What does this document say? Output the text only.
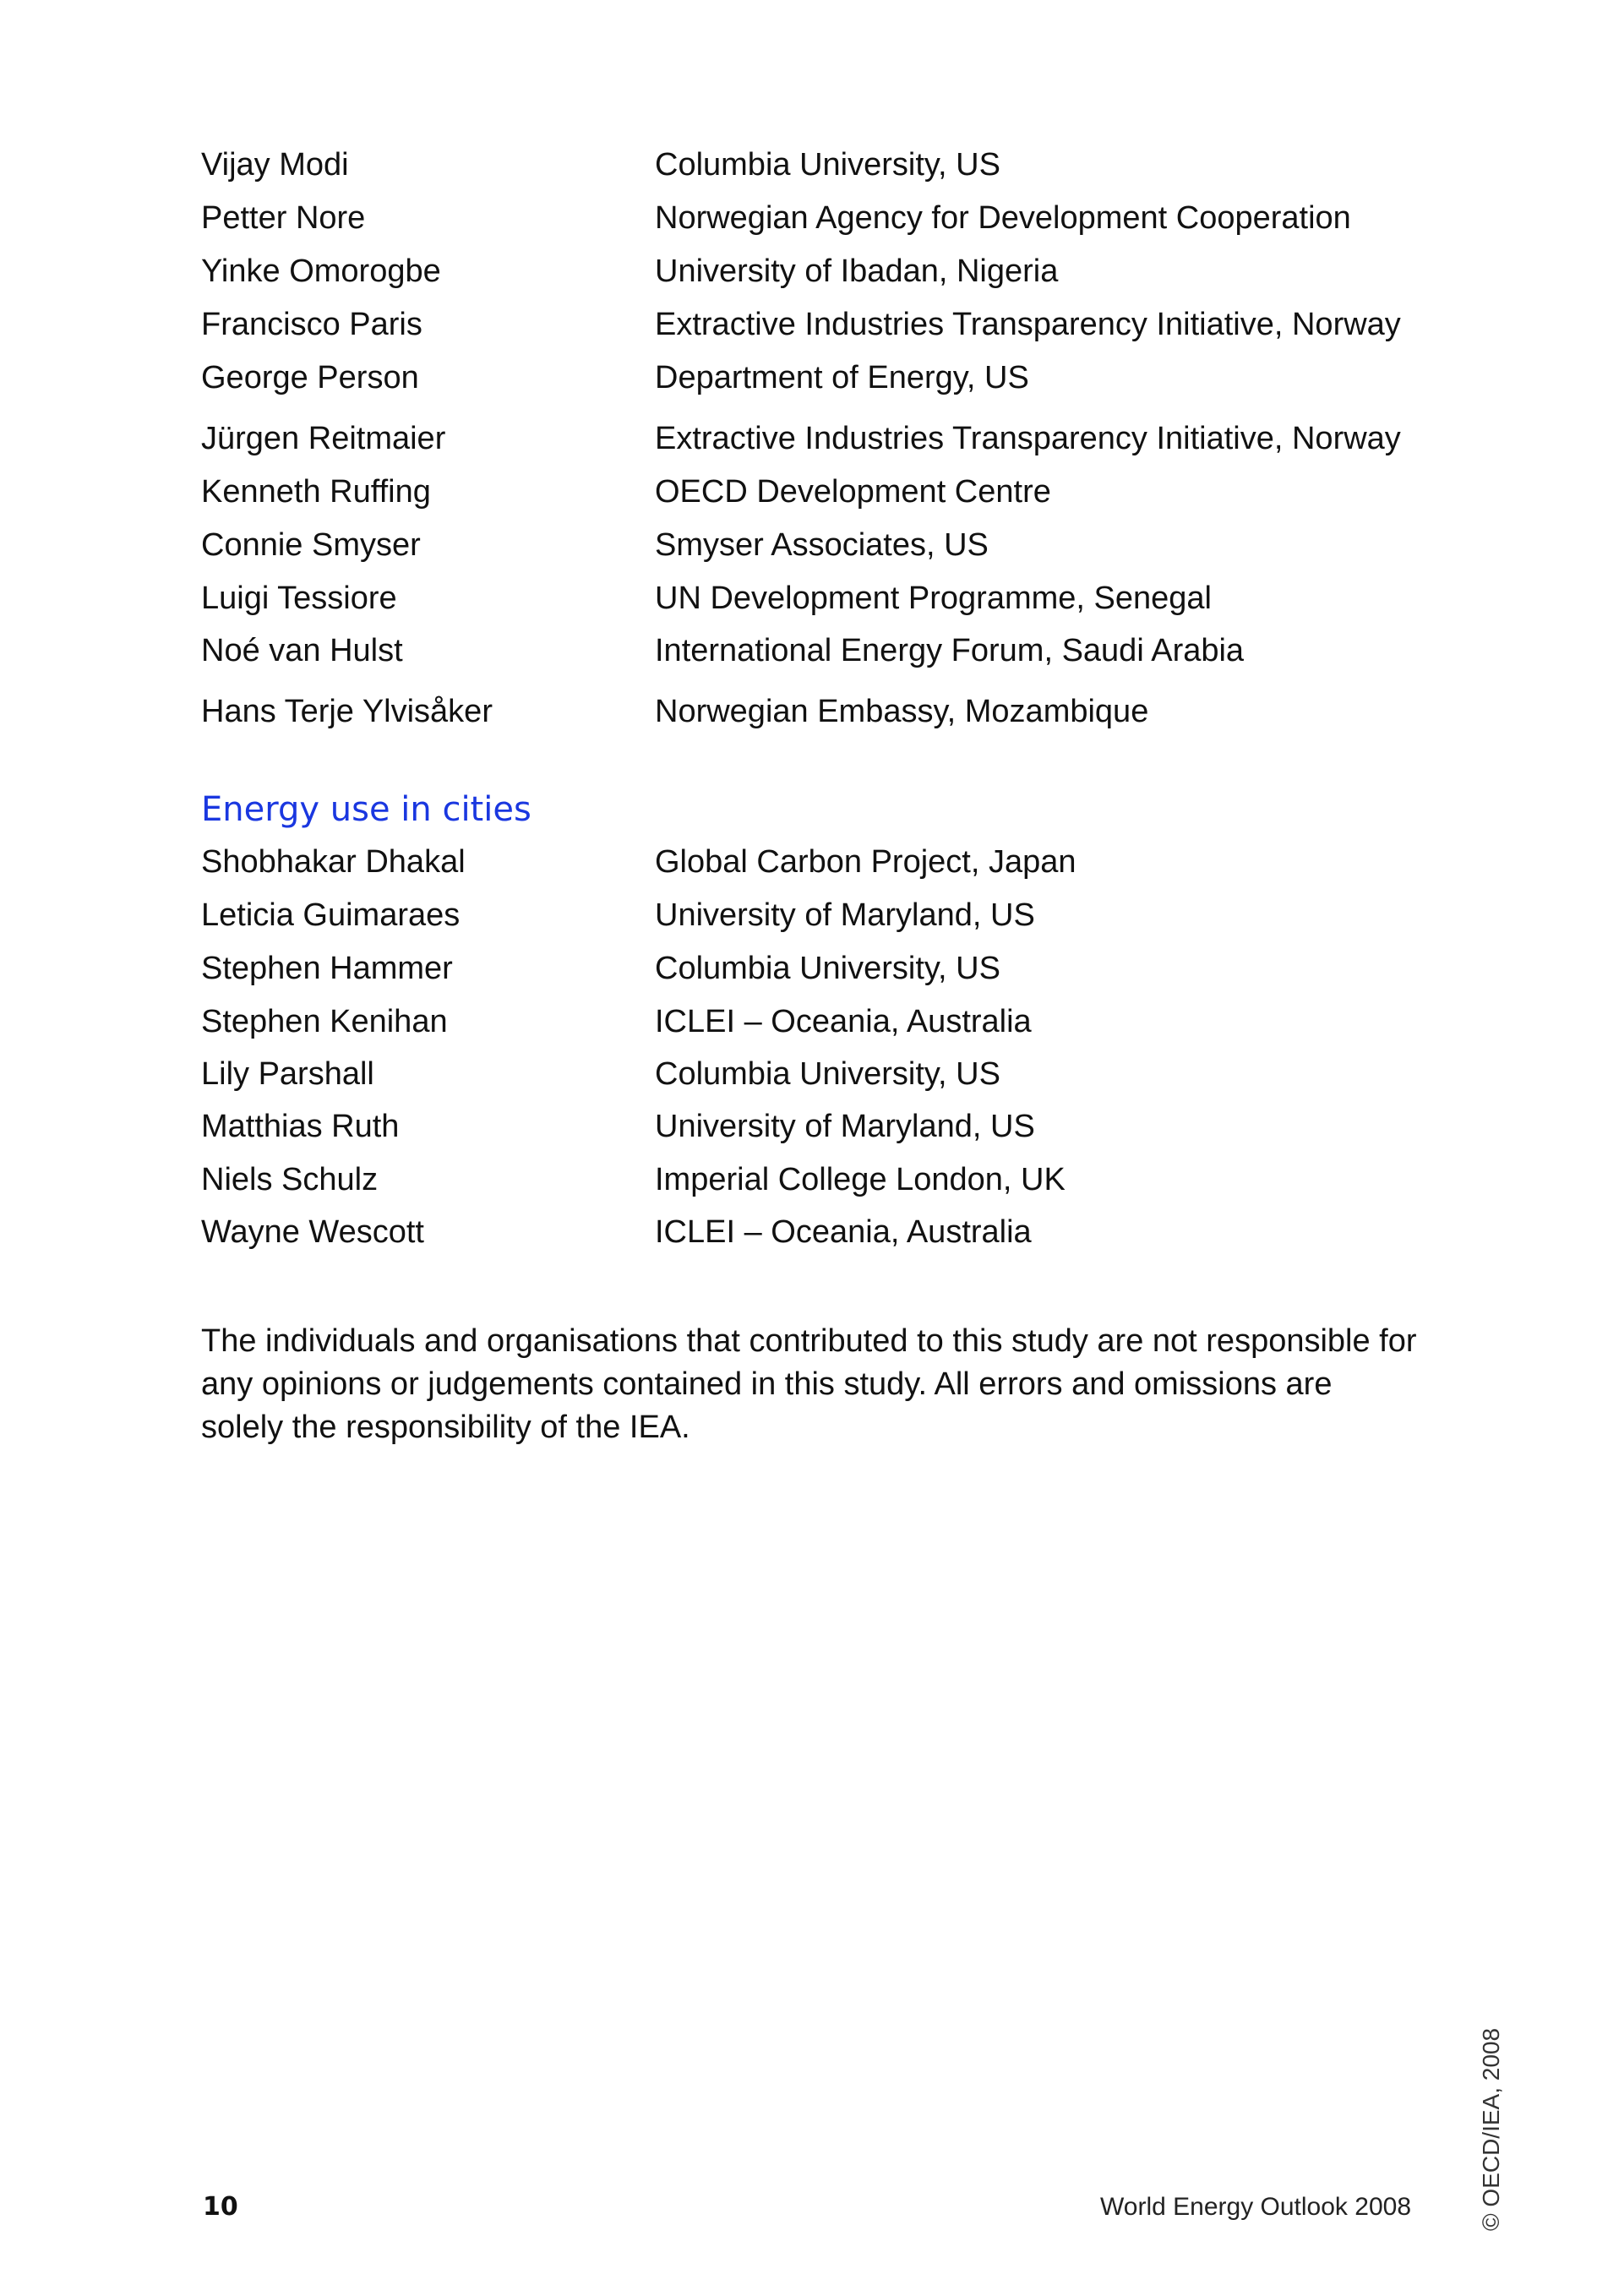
Vijay Modi	Columbia University, US
Petter Nore	Norwegian Agency for Development Cooperation
Yinke Omorogbe	University of Ibadan, Nigeria
Francisco Paris	Extractive Industries Transparency Initiative, Norway
George Person	Department of Energy, US
Jürgen Reitmaier	Extractive Industries Transparency Initiative, Norway
Kenneth Ruffing	OECD Development Centre
Connie Smyser	Smyser Associates, US
Luigi Tessiore	UN Development Programme, Senegal
Noé van Hulst	International Energy Forum, Saudi Arabia
Hans Terje Ylvisåker	Norwegian Embassy, Mozambique
Energy use in cities
Shobhakar Dhakal	Global Carbon Project, Japan
Leticia Guimaraes	University of Maryland, US
Stephen Hammer	Columbia University, US
Stephen Kenihan	ICLEI – Oceania, Australia
Lily Parshall	Columbia University, US
Matthias Ruth	University of Maryland, US
Niels Schulz	Imperial College London, UK
Wayne Wescott	ICLEI – Oceania, Australia

The individuals and organisations that contributed to this study are not responsible for any opinions or judgements contained in this study. All errors and omissions are solely the responsibility of the IEA.

10	World Energy Outlook 2008	© OECD/IEA, 2008
